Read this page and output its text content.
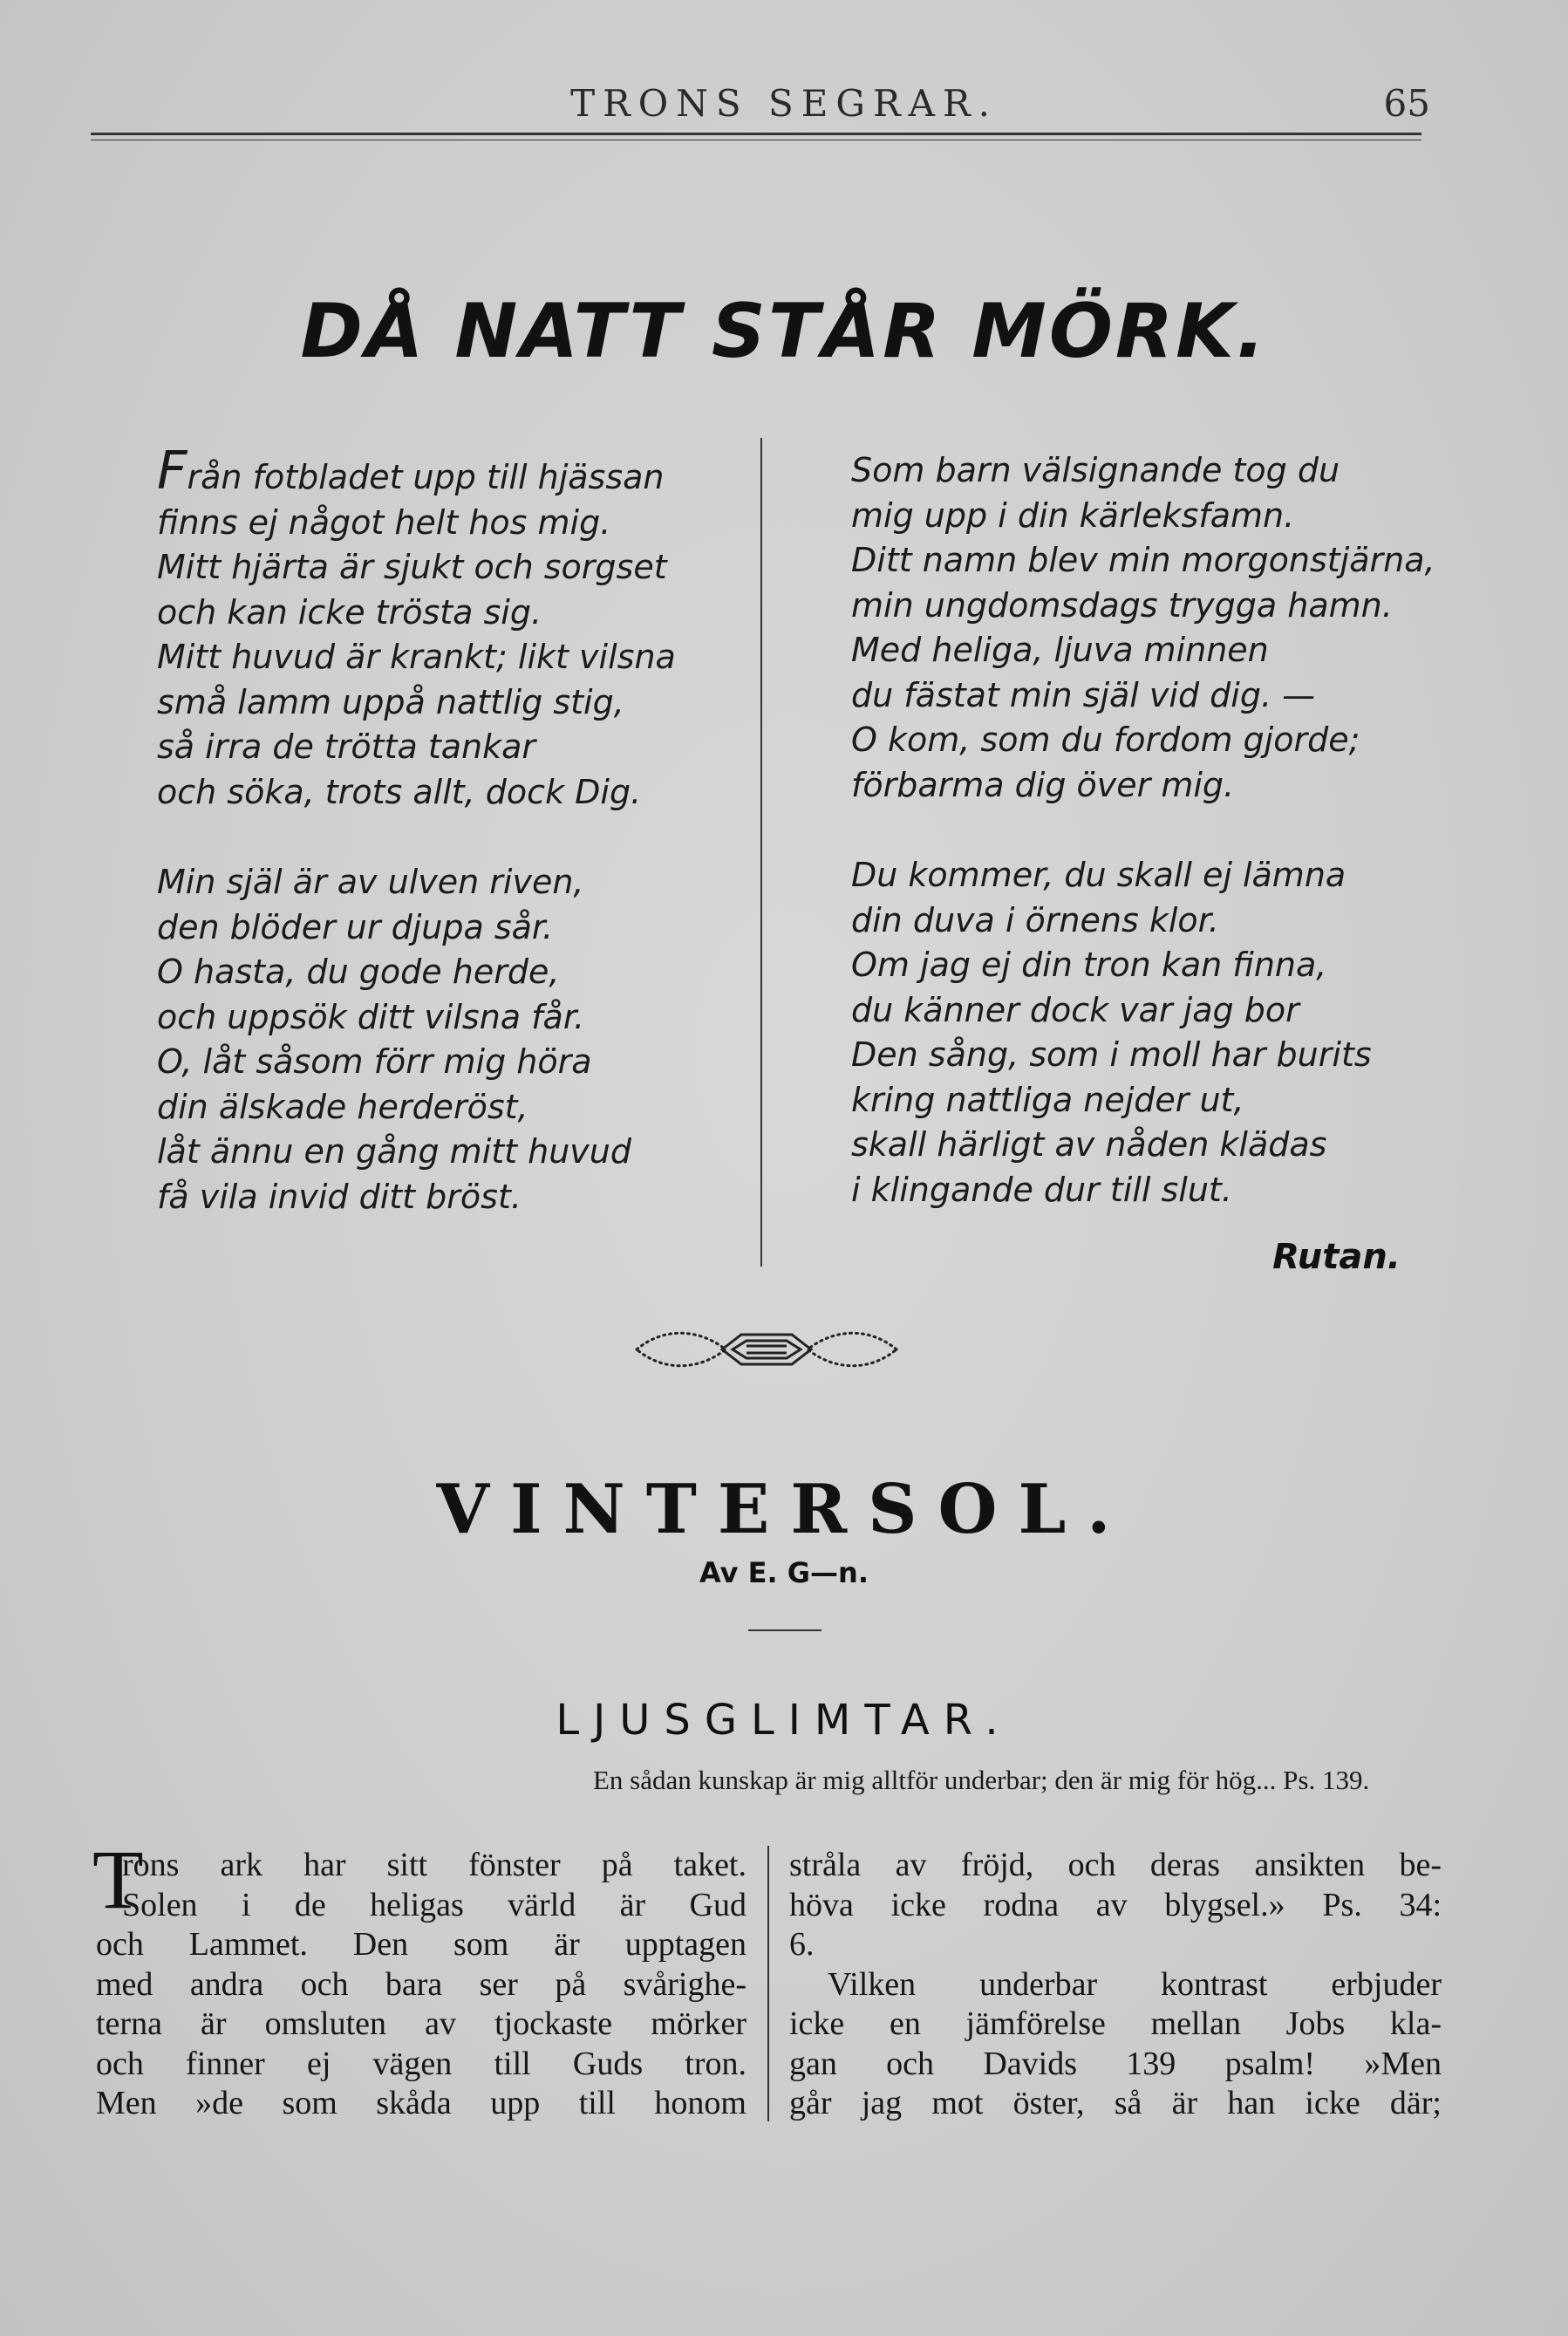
TRONS SEGRAR.	65
DÅ NATT STÅR MÖRK.
Från fotbladet upp till hjässan
finns ej något helt hos mig.
Mitt hjärta är sjukt och sorgset
och kan icke trösta sig.
Mitt huvud är krankt; likt vilsna
små lamm uppå nattlig stig,
så irra de trötta tankar
och söka, trots allt, dock Dig.
Min själ är av ulven riven,
den blöder ur djupa sår.
O hasta, du gode herde,
och uppsök ditt vilsna får.
O, låt såsom förr mig höra
din älskade herderöst,
låt ännu en gång mitt huvud
få vila invid ditt bröst.
Som barn välsignande tog du
mig upp i din kärleksfamn.
Ditt namn blev min morgonstjärna,
min ungdomsdags trygga hamn.
Med heliga, ljuva minnen
du fästat min själ vid dig. —
O kom, som du fordom gjorde;
förbarma dig över mig.
Du kommer, du skall ej lämna
din duva i örnens klor.
Om jag ej din tron kan finna,
du känner dock var jag bor
Den sång, som i moll har burits
kring nattliga nejder ut,
skall härligt av nåden klädas
i klingande dur till slut.
Rutan.
VINTERSOL.
Av E. G—n.
LJUSGLIMTAR.
En sådan kunskap är mig alltför underbar; den är mig för hög... Ps. 139.
T
rons ark har sitt fönster på taket.
Solen i de heligas värld är Gud
och Lammet. Den som är upptagen
med andra och bara ser på svårighe-
terna är omsluten av tjockaste mörker
och finner ej vägen till Guds tron.
Men »de som skåda upp till honom
stråla av fröjd, och deras ansikten be-
höva icke rodna av blygsel.» Ps. 34:
6.
Vilken underbar kontrast erbjuder
icke en jämförelse mellan Jobs kla-
gan och Davids 139 psalm! »Men
går jag mot öster, så är han icke där;
